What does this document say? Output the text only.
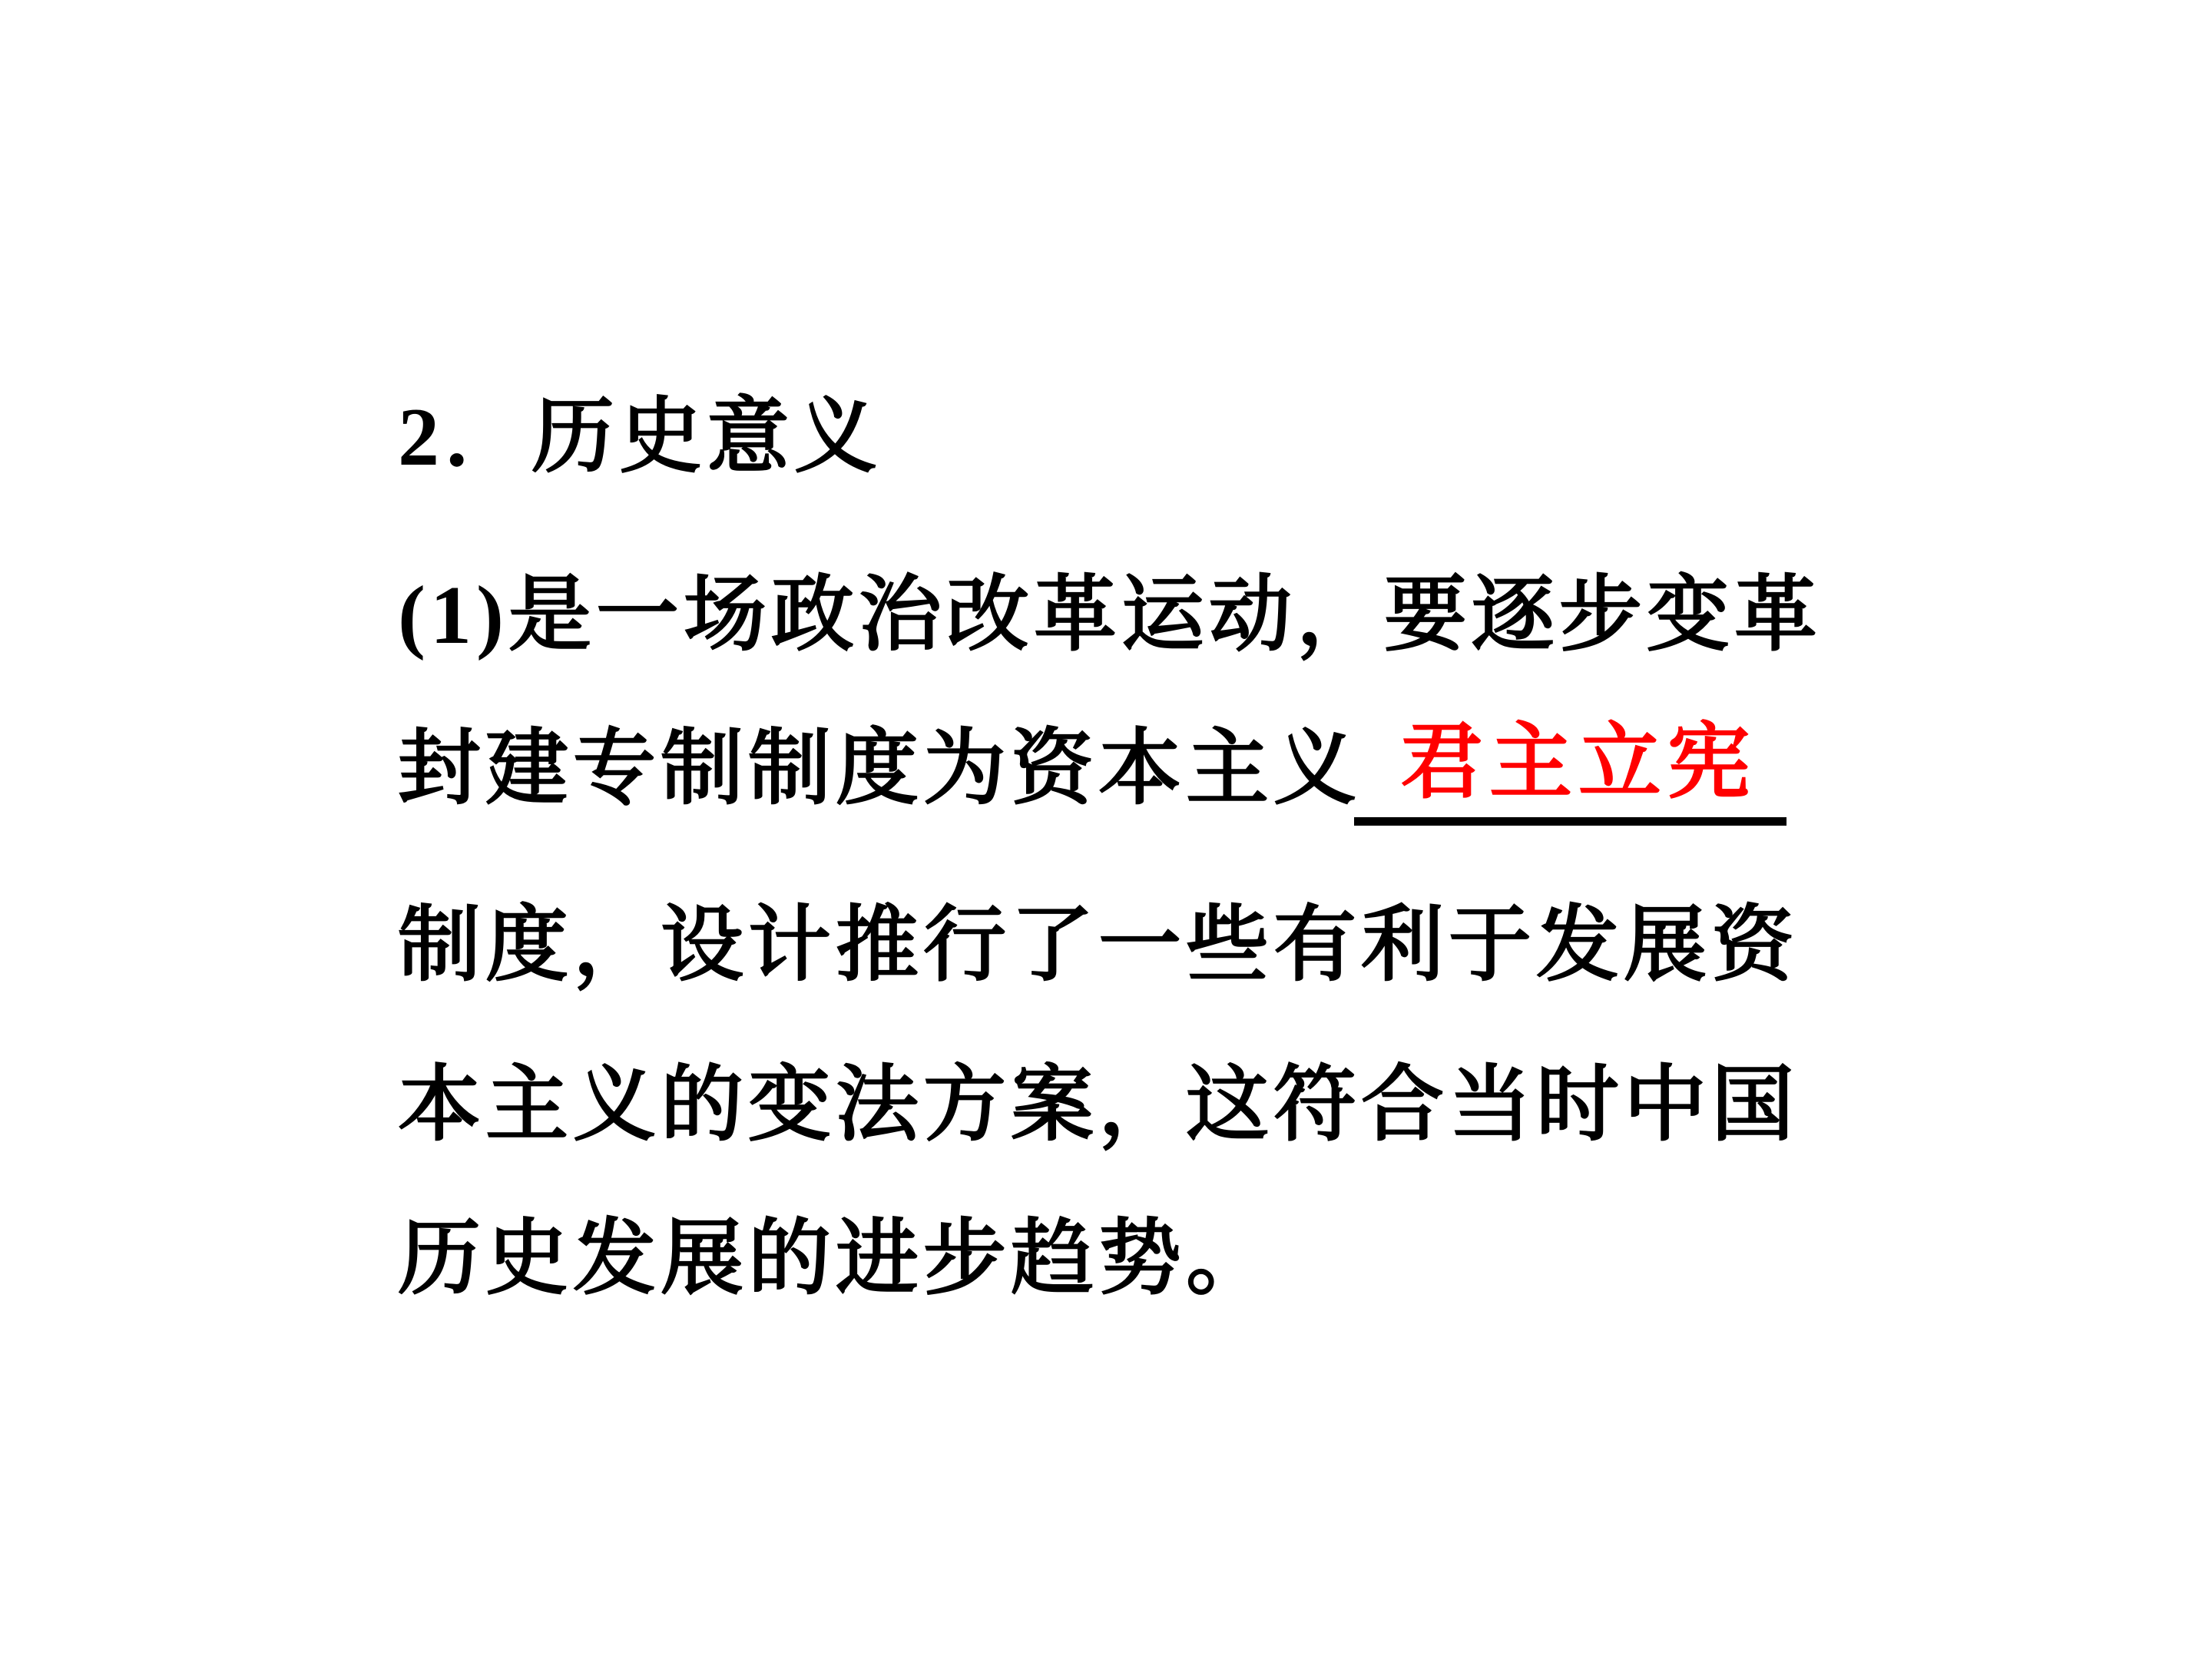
2．历史意义
(1)是一场政治改革运动，要逐步变革
封建专制制度为资本主义 君主立宪
制度，设计推行了一些有利于发展资
本主义的变法方案，这符合当时中国
历史发展的进步趋势。
